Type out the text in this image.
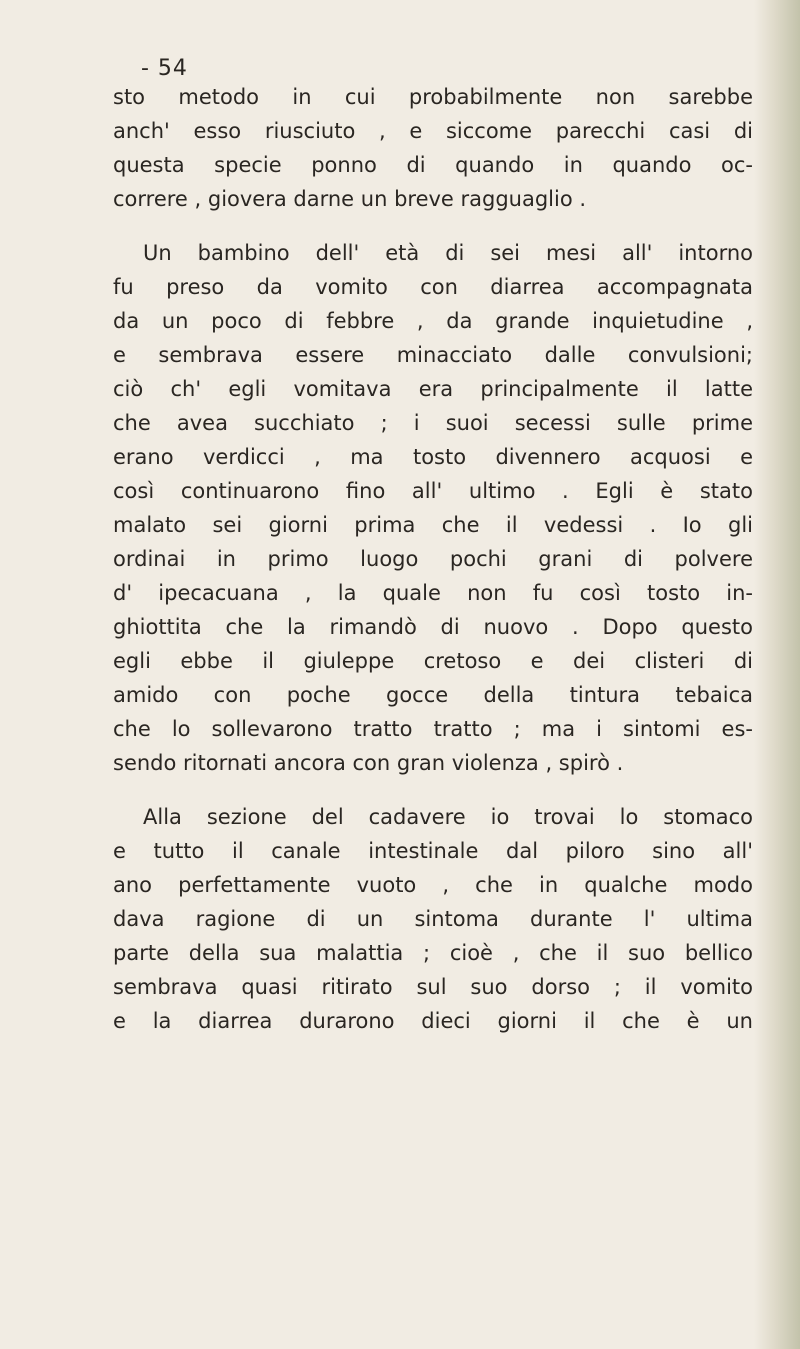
- 54
sto metodo in cui probabilmente non sarebbe
anch' esso riusciuto , e siccome parecchi casi di
questa specie ponno di quando in quando oc-
correre , giovera darne un breve ragguaglio .
Un bambino dell' età di sei mesi all' intorno
fu preso da vomito con diarrea accompagnata
da un poco di febbre , da grande inquietudine ,
e sembrava essere minacciato dalle convulsioni;
ciò ch' egli vomitava era principalmente il latte
che avea succhiato ; i suoi secessi sulle prime
erano verdicci , ma tosto divennero acquosi e
così continuarono fino all' ultimo . Egli è stato
malato sei giorni prima che il vedessi . Io gli
ordinai in primo luogo pochi grani di polvere
d' ipecacuana , la quale non fu così tosto in-
ghiottita che la rimandò di nuovo . Dopo questo
egli ebbe il giuleppe cretoso e dei clisteri di
amido con poche gocce della tintura tebaica
che lo sollevarono tratto tratto ; ma i sintomi es-
sendo ritornati ancora con gran violenza , spirò .
Alla sezione del cadavere io trovai lo stomaco
e tutto il canale intestinale dal piloro sino all'
ano perfettamente vuoto , che in qualche modo
dava ragione di un sintoma durante l' ultima
parte della sua malattia ; cioè , che il suo bellico
sembrava quasi ritirato sul suo dorso ; il vomito
e la diarrea durarono dieci giorni il che è un
